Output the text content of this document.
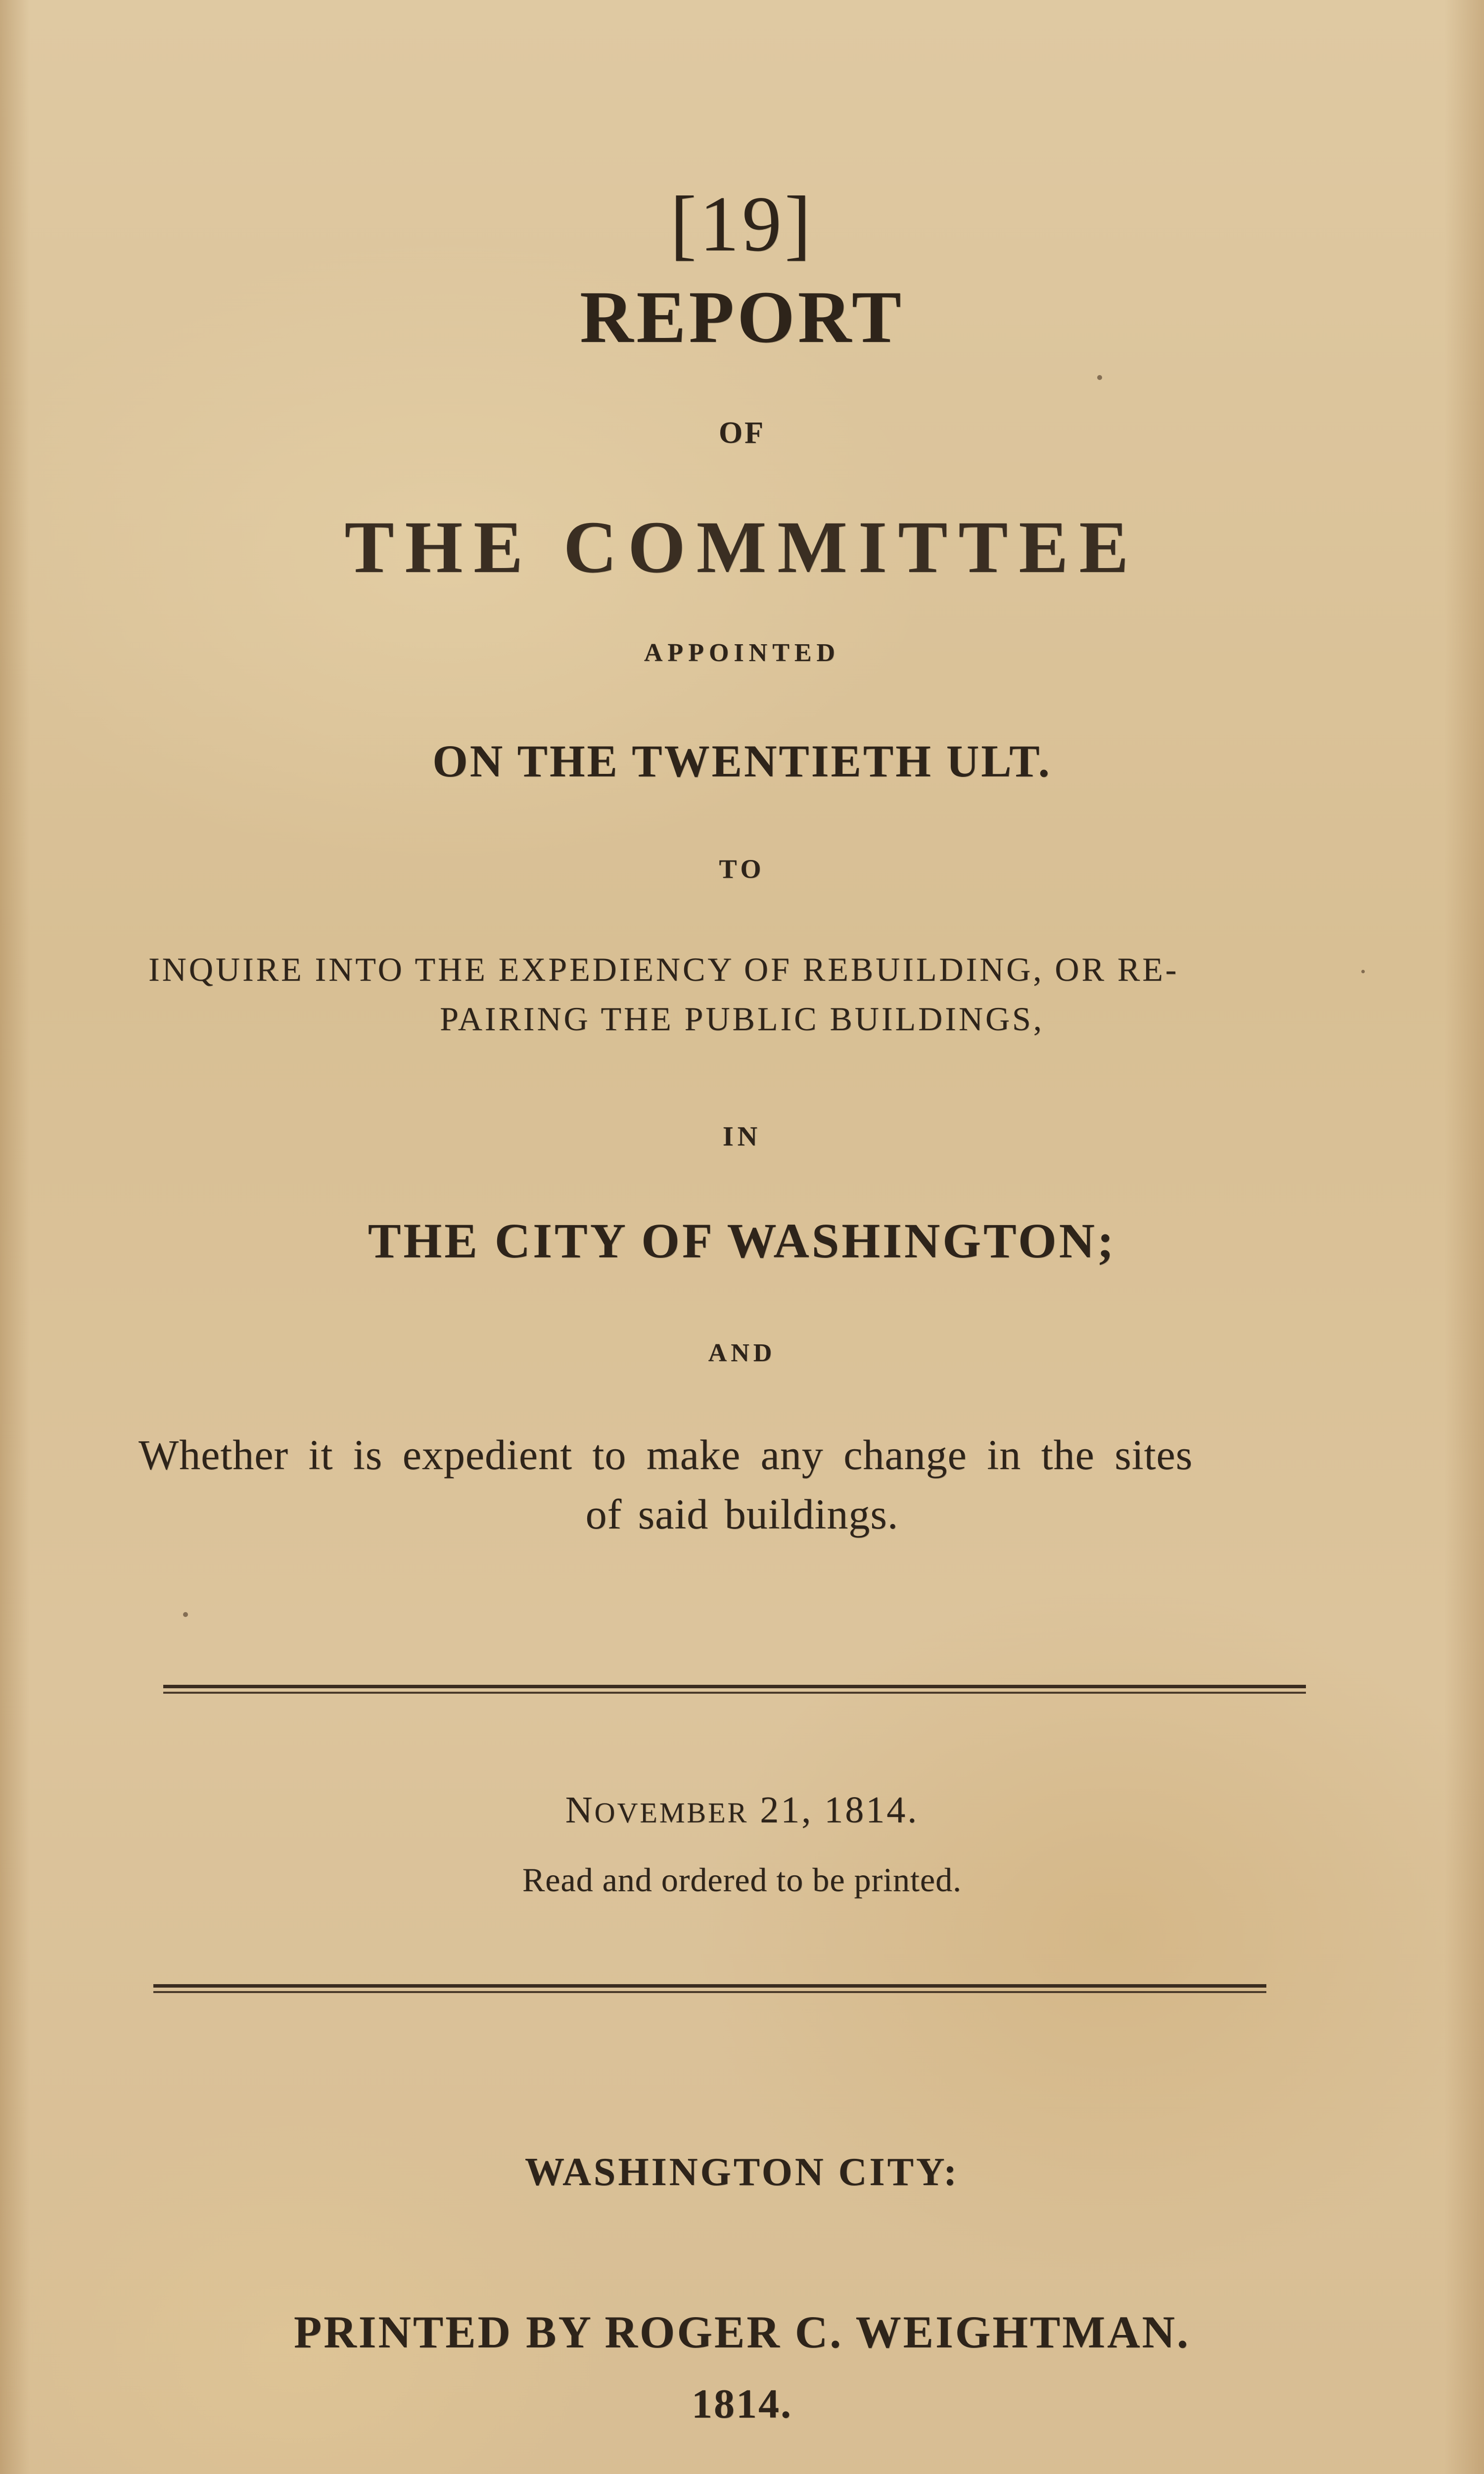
[19]
REPORT
OF
THE COMMITTEE
APPOINTED
ON THE TWENTIETH ULT.
TO
INQUIRE INTO THE EXPEDIENCY OF REBUILDING, OR RE-
PAIRING THE PUBLIC BUILDINGS,
IN
THE CITY OF WASHINGTON;
AND
Whether it is expedient to make any change in the sites
of said buildings.
NOVEMBER 21, 1814.
Read and ordered to be printed.
WASHINGTON CITY:
PRINTED BY ROGER C. WEIGHTMAN.
1814.
